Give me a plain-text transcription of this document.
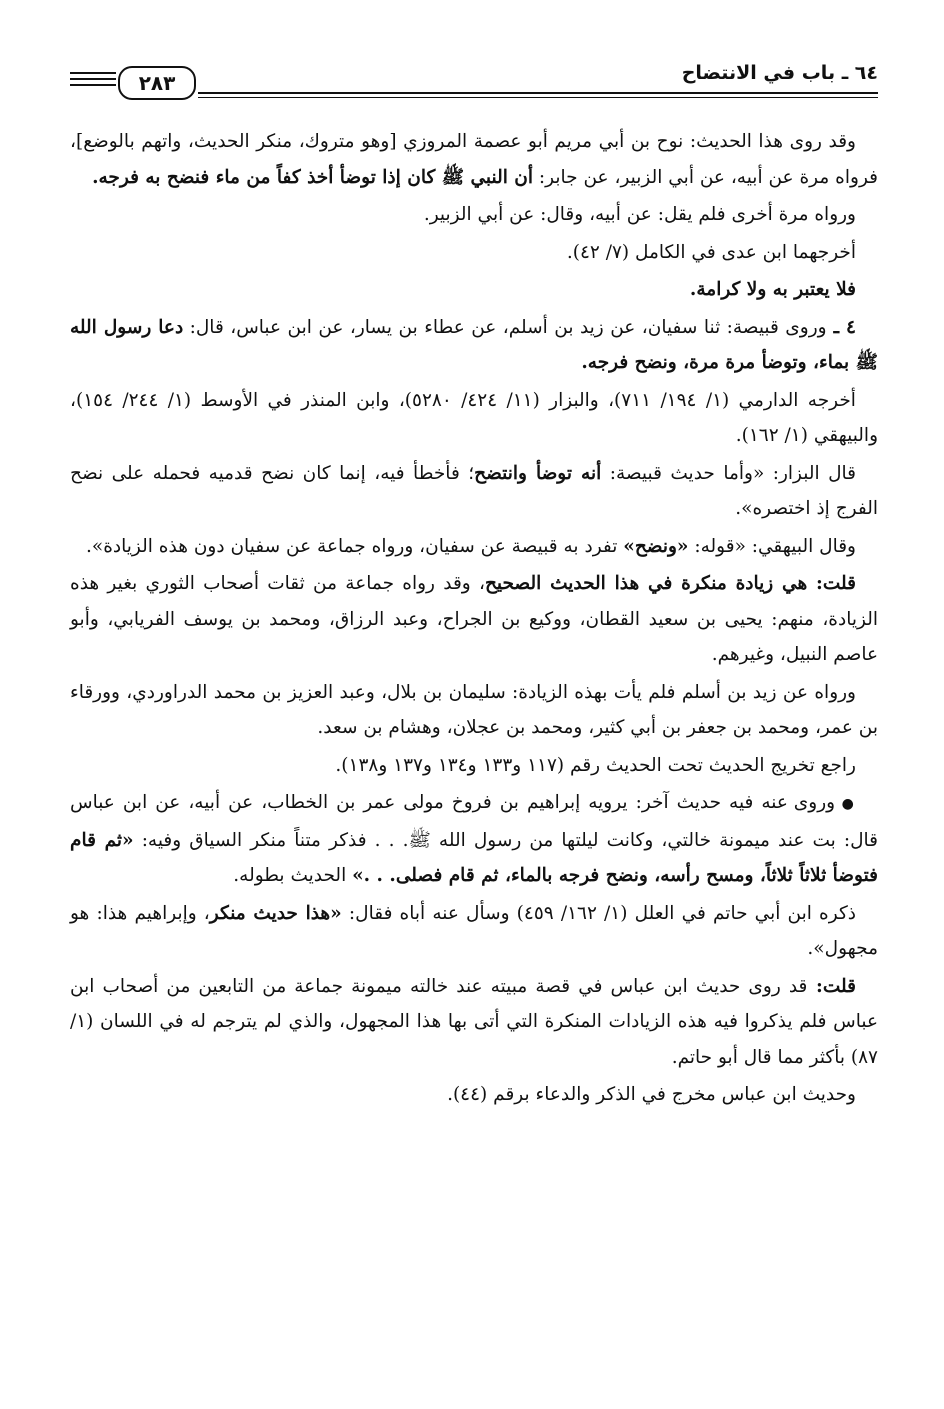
٦٤ ـ باب في الانتضاح
٢٨٣

وقد روى هذا الحديث: نوح بن أبي مريم أبو عصمة المروزي [وهو متروك، منكر الحديث، واتهم بالوضع]، فرواه مرة عن أبيه، عن أبي الزبير، عن جابر: أن النبي ﷺ كان إذا توضأ أخذ كفاً من ماء فنضح به فرجه.

ورواه مرة أخرى فلم يقل: عن أبيه، وقال: عن أبي الزبير.

أخرجهما ابن عدى في الكامل (٧/ ٤٢).

فلا يعتبر به ولا كرامة.

٤ ـ وروى قبيصة: ثنا سفيان، عن زيد بن أسلم، عن عطاء بن يسار، عن ابن عباس، قال: دعا رسول الله ﷺ بماء، وتوضأ مرة مرة، ونضح فرجه.

أخرجه الدارمي (١/ ١٩٤/ ٧١١)، والبزار (١١/ ٤٢٤/ ٥٢٨٠)، وابن المنذر في الأوسط (١/ ٢٤٤/ ١٥٤)، والبيهقي (١/ ١٦٢).

قال البزار: «وأما حديث قبيصة: أنه توضأ وانتضح؛ فأخطأ فيه، إنما كان نضح قدميه فحمله على نضح الفرج إذ اختصره».

وقال البيهقي: «قوله: «ونضح» تفرد به قبيصة عن سفيان، ورواه جماعة عن سفيان دون هذه الزيادة».

قلت: هي زيادة منكرة في هذا الحديث الصحيح، وقد رواه جماعة من ثقات أصحاب الثوري بغير هذه الزيادة، منهم: يحيى بن سعيد القطان، ووكيع بن الجراح، وعبد الرزاق، ومحمد بن يوسف الفريابي، وأبو عاصم النبيل، وغيرهم.

ورواه عن زيد بن أسلم فلم يأت بهذه الزيادة: سليمان بن بلال، وعبد العزيز بن محمد الدراوردي، وورقاء بن عمر، ومحمد بن جعفر بن أبي كثير، ومحمد بن عجلان، وهشام بن سعد.

راجع تخريج الحديث تحت الحديث رقم (١١٧ و١٣٣ و١٣٤ و١٣٧ و١٣٨).

● وروى عنه فيه حديث آخر: يرويه إبراهيم بن فروخ مولى عمر بن الخطاب، عن أبيه، عن ابن عباس قال: بت عند ميمونة خالتي، وكانت ليلتها من رسول الله ﷺ. . . فذكر متناً منكر السياق وفيه: «ثم قام فتوضأ ثلاثاً ثلاثاً، ومسح رأسه، ونضح فرجه بالماء، ثم قام فصلى. . .» الحديث بطوله.

ذكره ابن أبي حاتم في العلل (١/ ١٦٢/ ٤٥٩) وسأل عنه أباه فقال: «هذا حديث منكر، وإبراهيم هذا: هو مجهول».

قلت: قد روى حديث ابن عباس في قصة مبيته عند خالته ميمونة جماعة من التابعين من أصحاب ابن عباس فلم يذكروا فيه هذه الزيادات المنكرة التي أتى بها هذا المجهول، والذي لم يترجم له في اللسان (١/ ٨٧) بأكثر مما قال أبو حاتم.

وحديث ابن عباس مخرج في الذكر والدعاء برقم (٤٤).
